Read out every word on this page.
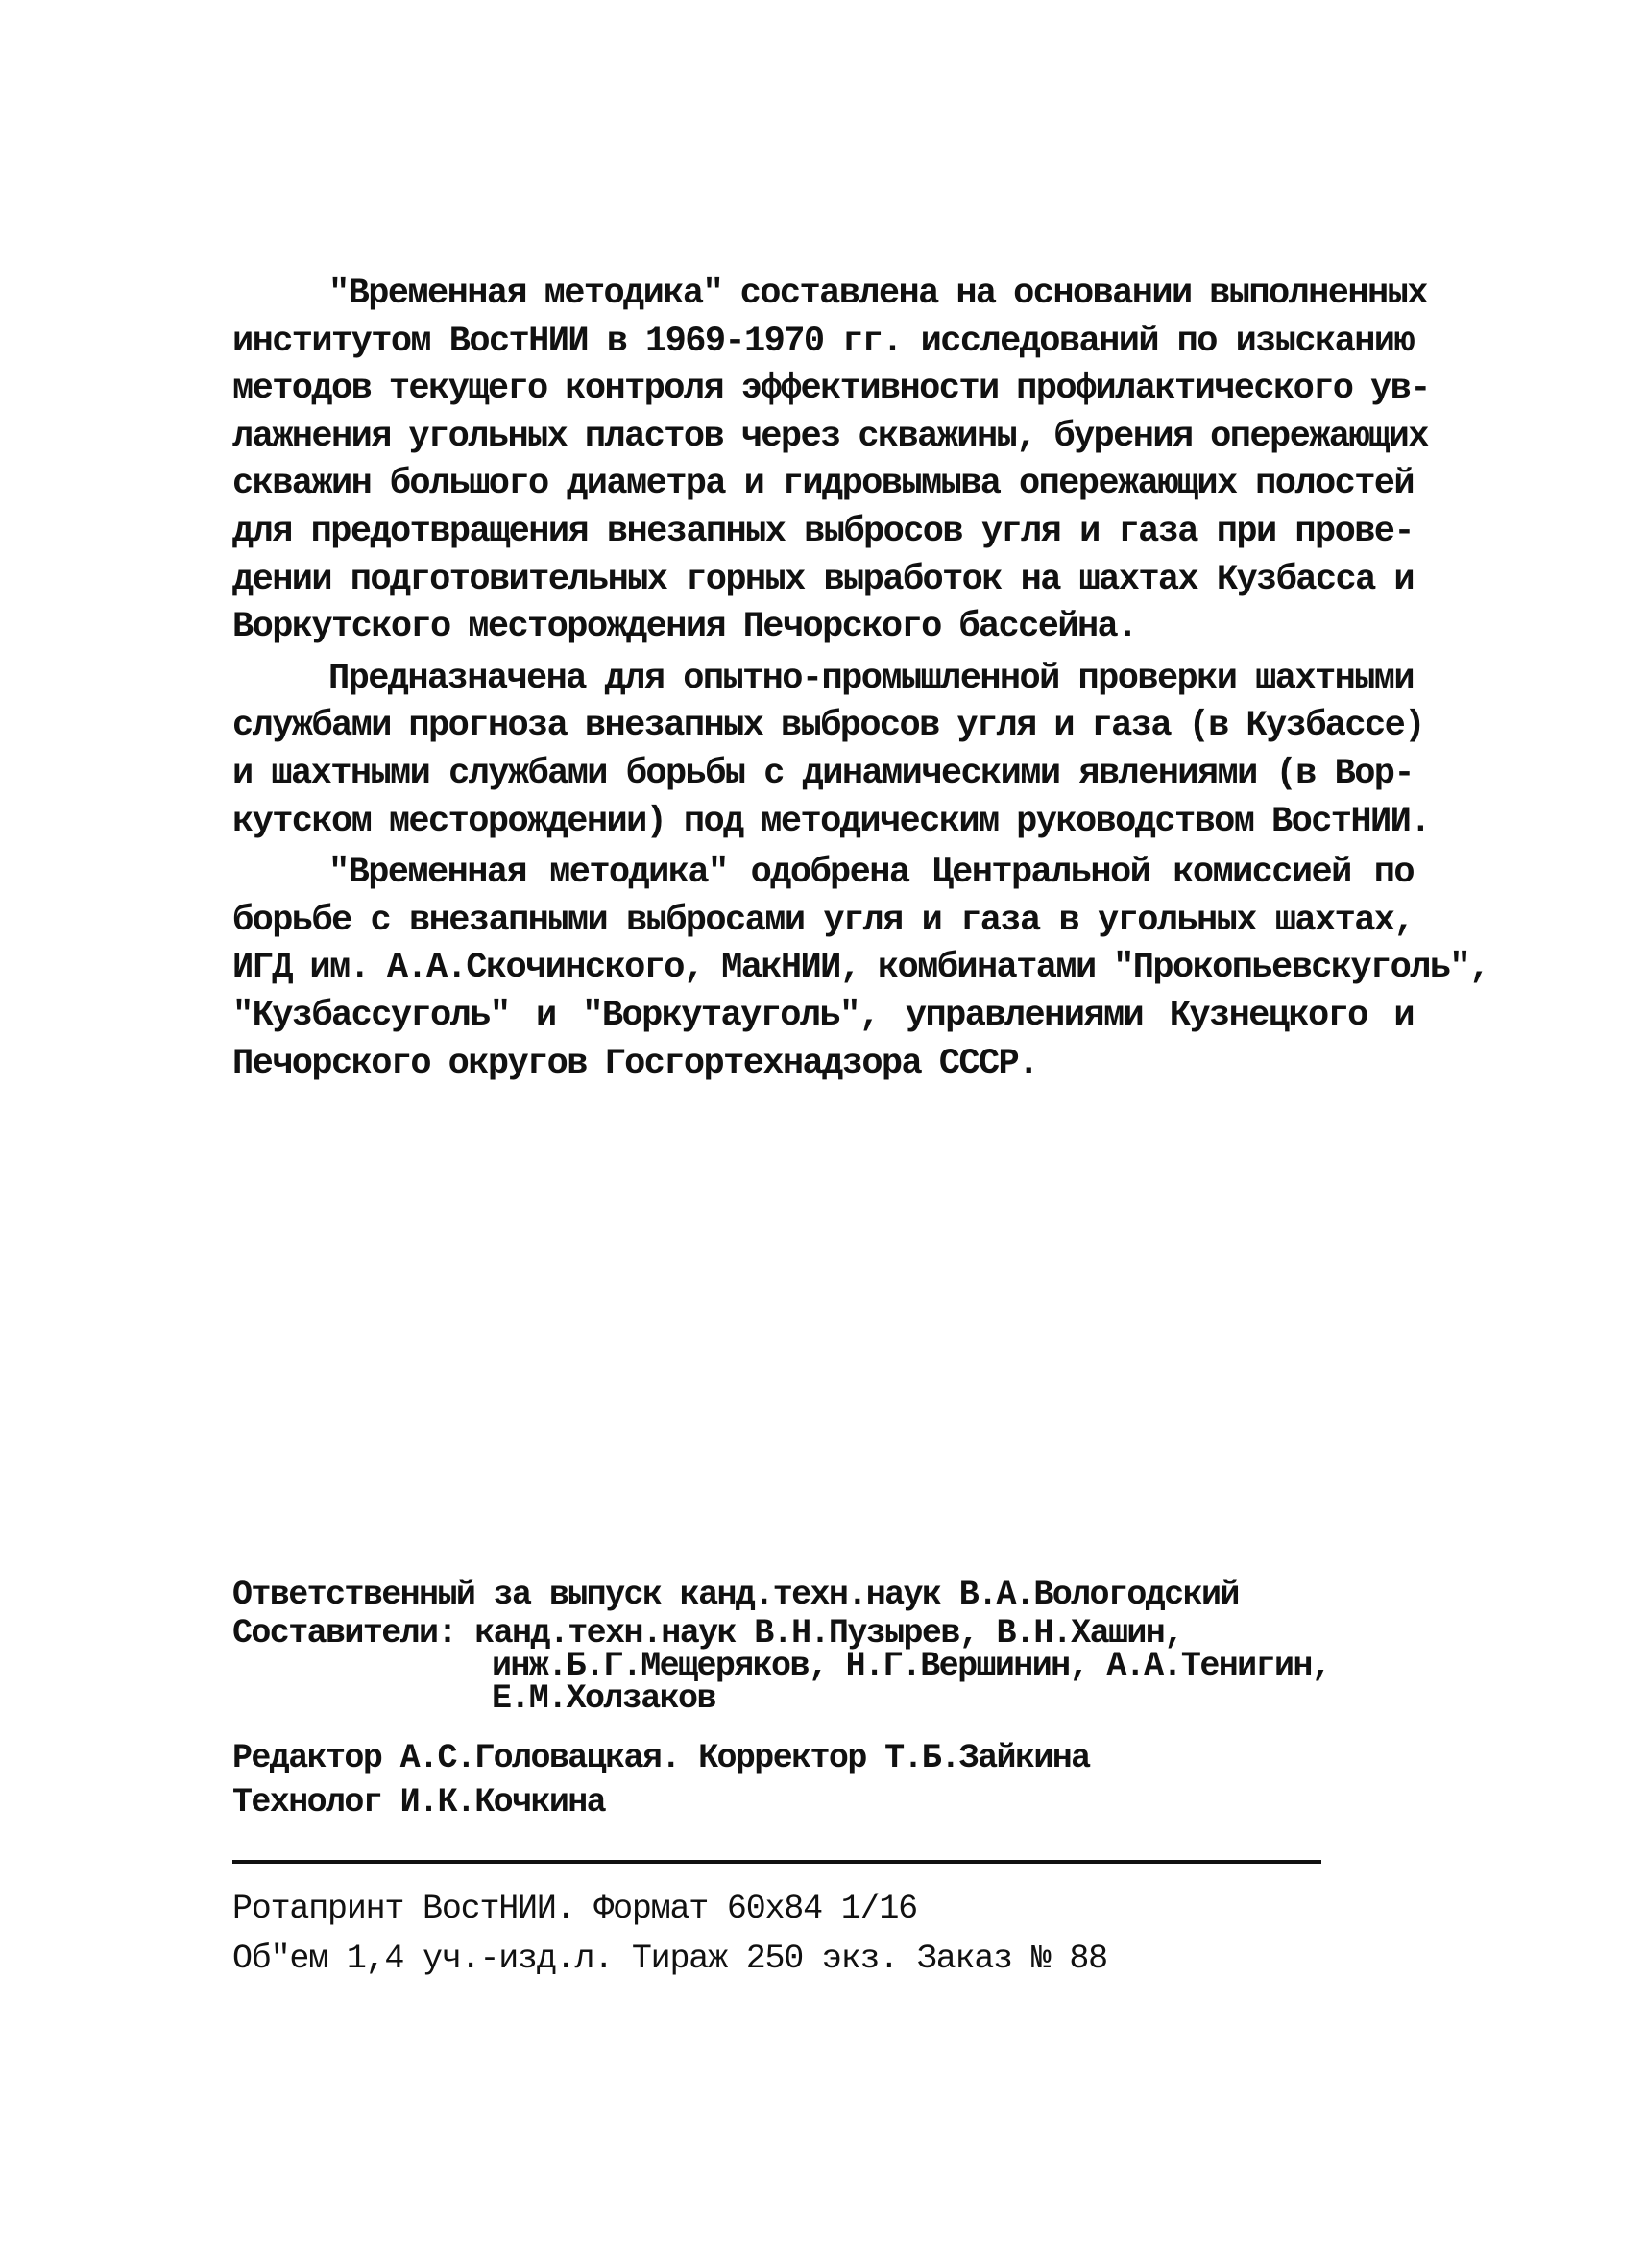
"Временная методика" составлена на основании выполненных
институтом ВостНИИ в 1969-1970 гг. исследований по изысканию
методов текущего контроля эффективности профилактического ув-
лажнения угольных пластов через скважины, бурения опережающих
скважин большого диаметра и гидровымыва опережающих полостей
для предотвращения внезапных выбросов угля и газа при прове-
дении подготовительных горных выработок на шахтах Кузбасса и
Воркутского месторождения Печорского бассейна.
Предназначена для опытно-промышленной проверки шахтными
службами прогноза внезапных выбросов угля и газа (в Кузбассе)
и шахтными службами борьбы с динамическими явлениями (в Вор-
кутском месторождении) под методическим руководством ВостНИИ.
"Временная методика" одобрена Центральной комиссией по
борьбе с внезапными выбросами угля и газа в угольных шахтах,
ИГД им. А.А.Скочинского, МакНИИ, комбинатами "Прокопьевскуголь",
"Кузбассуголь" и "Воркутауголь", управлениями Кузнецкого и
Печорского округов Госгортехнадзора СССР.
Ответственный за выпуск канд.техн.наук В.А.Вологодский
Составители: канд.техн.наук В.Н.Пузырев, В.Н.Хашин,
инж.Б.Г.Мещеряков, Н.Г.Вершинин, А.А.Тенигин,
Е.М.Холзаков
Редактор А.С.Головацкая. Корректор Т.Б.Зайкина
Технолог И.К.Кочкина
Ротапринт ВостНИИ. Формат 60x84 1/16
Об"ем 1,4 уч.-изд.л. Тираж 250 экз. Заказ № 88
